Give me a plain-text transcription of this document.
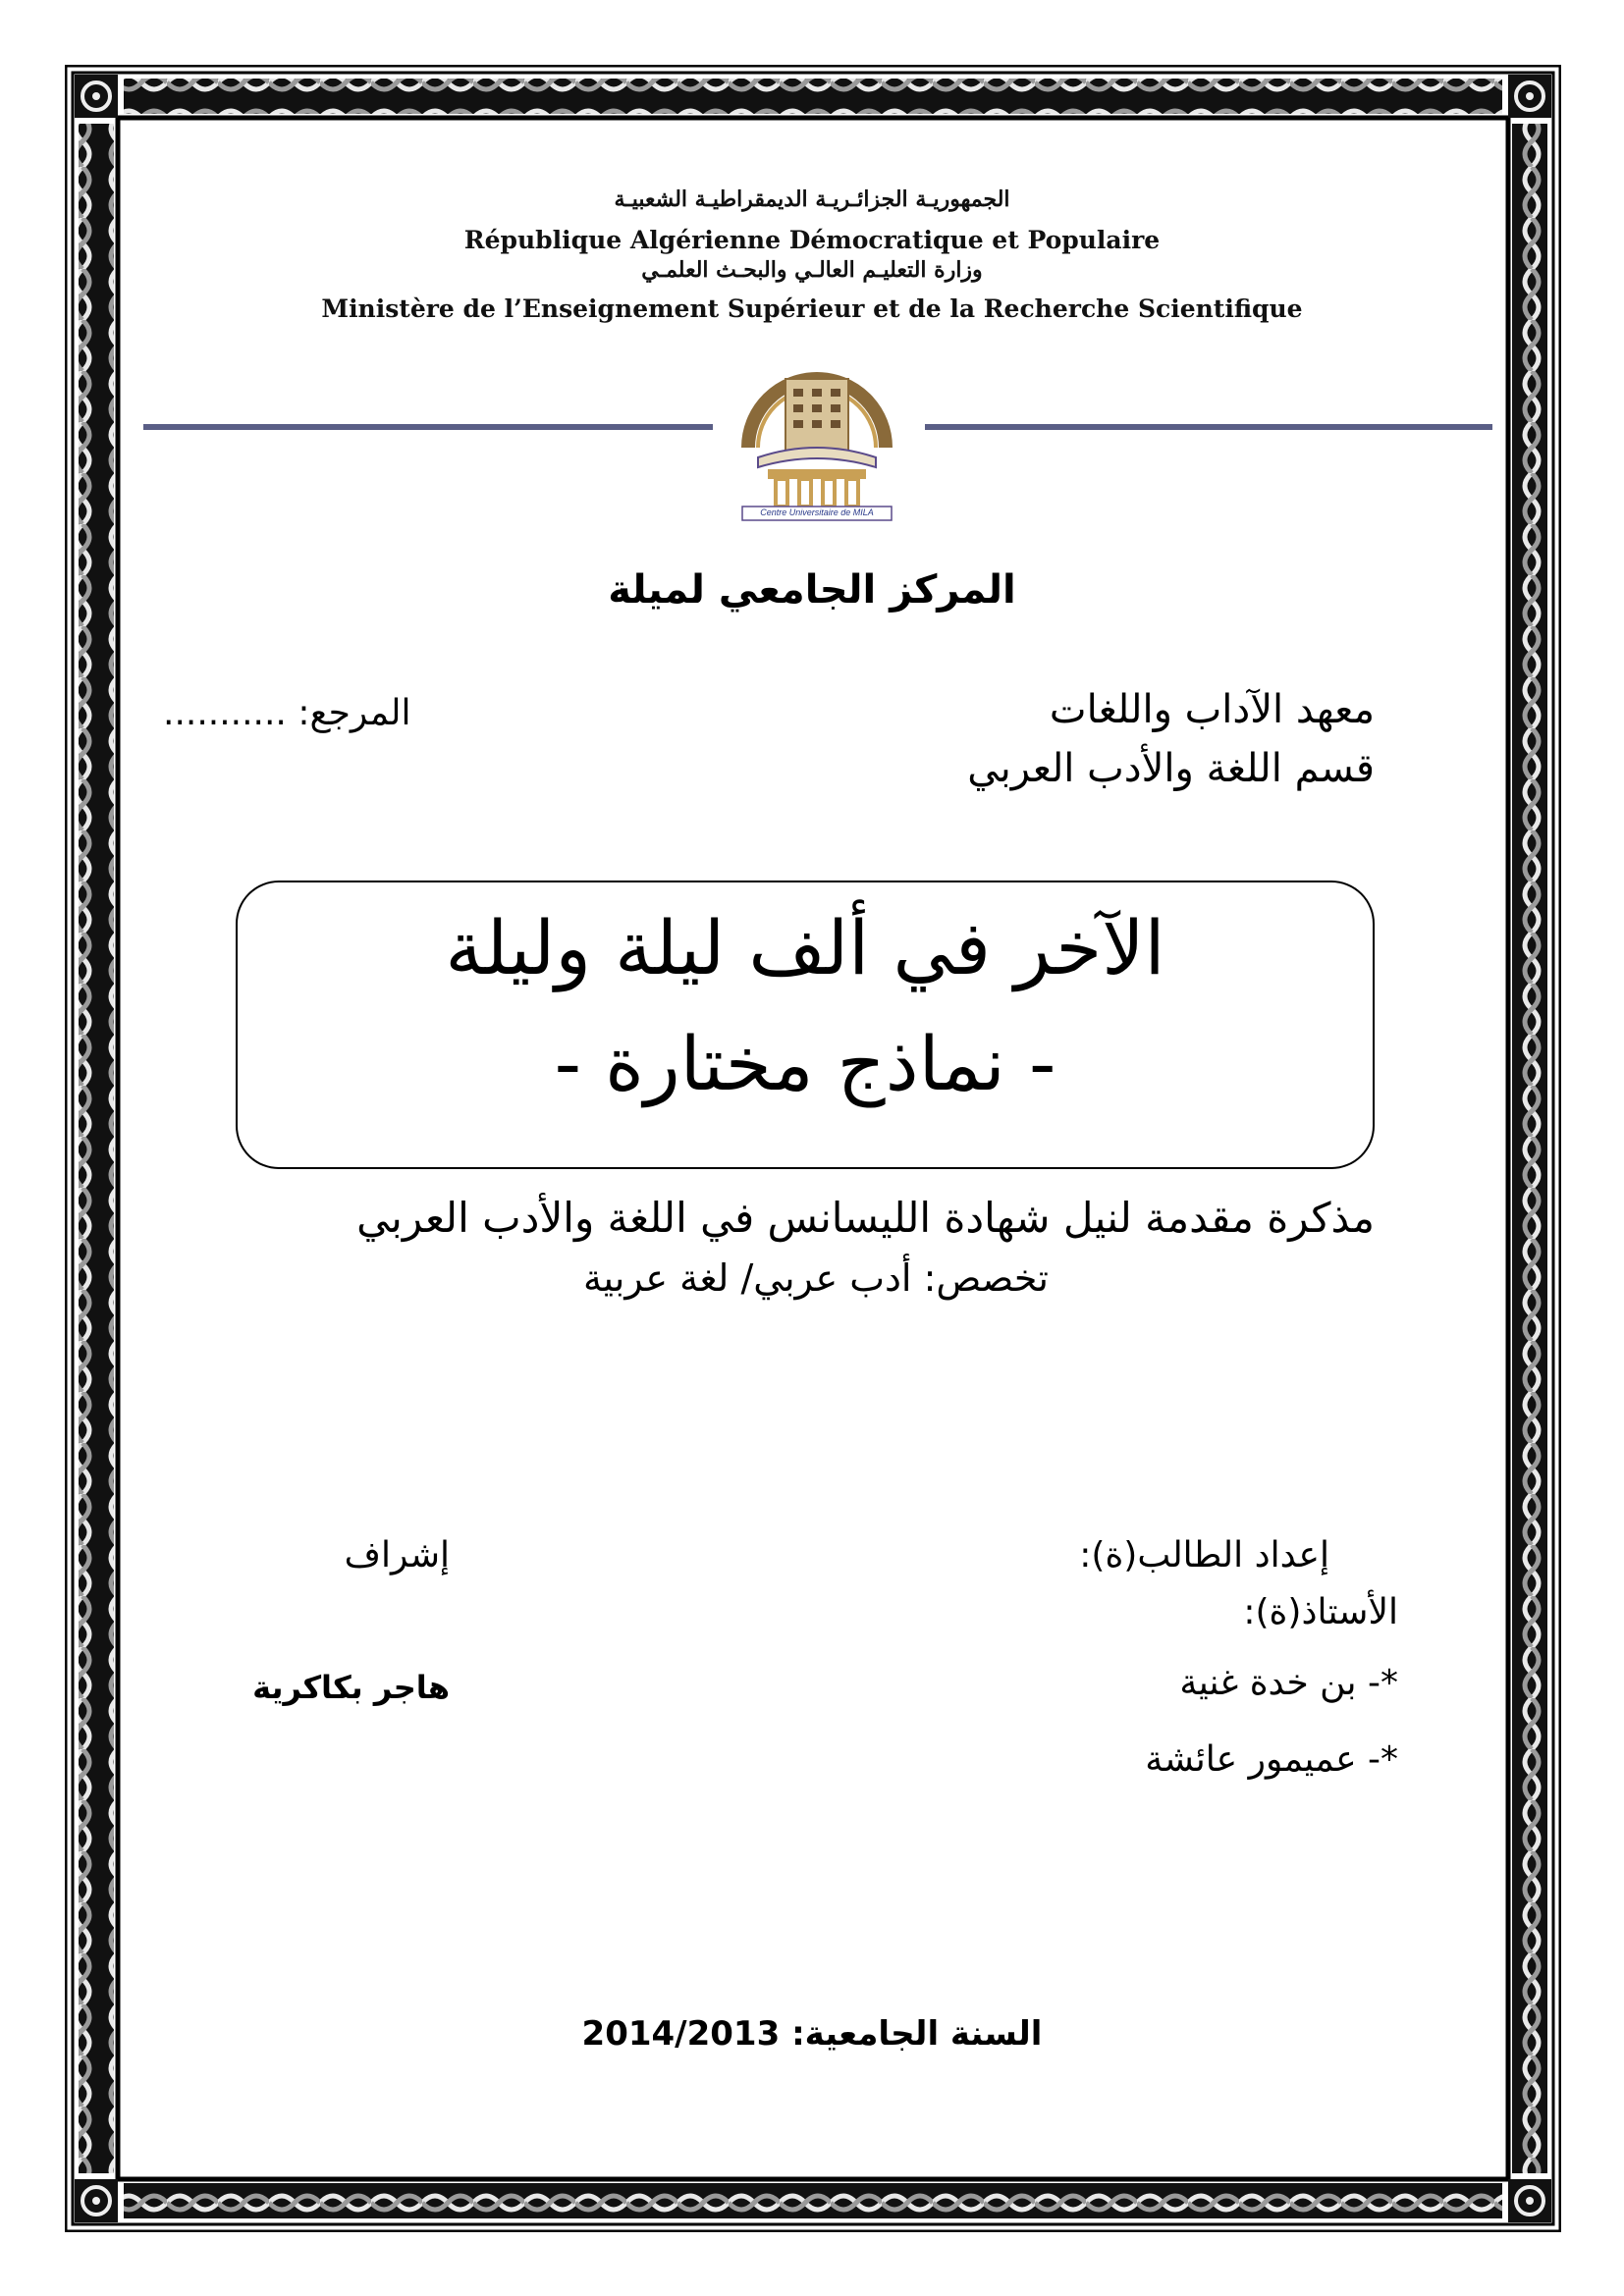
الجمهوريـة الجزائـريـة الديمقراطيـة الشعبيـة
République Algérienne Démocratique et Populaire
وزارة التعليـم العالـي والبحـث العلمـي
Ministère de l’Enseignement Supérieur et de la Recherche Scientifique
Centre Universitaire de MILA
المركز الجامعي لميلة
معهد الآداب واللغات
قسم اللغة والأدب العربي
المرجع: ...........
الآخر في ألف ليلة وليلة
- نماذج مختارة -
مذكرة مقدمة لنيل شهادة الليسانس في اللغة والأدب العربي
تخصص: أدب عربي/ لغة عربية
إعداد الطالب(ة):
الأستاذ(ة):
*- بن خدة غنية
*- عميمور عائشة
إشراف
هاجر بكاكرية
السنة الجامعية: 2014/2013
